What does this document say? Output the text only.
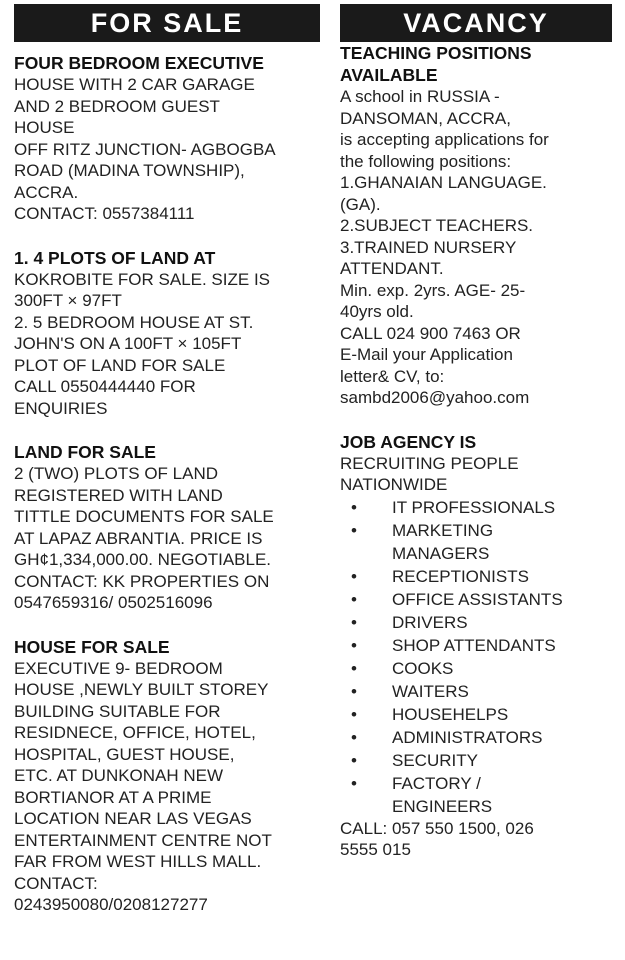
FOR SALE
FOUR BEDROOM EXECUTIVE
HOUSE WITH 2 CAR GARAGE
AND 2 BEDROOM GUEST
HOUSE
OFF RITZ JUNCTION- AGBOGBA
ROAD (MADINA TOWNSHIP),
ACCRA.
CONTACT: 0557384111
1. 4 PLOTS OF LAND AT
KOKROBITE FOR SALE. SIZE IS
300FT × 97FT
2. 5 BEDROOM HOUSE AT ST.
JOHN'S ON A 100FT × 105FT
PLOT OF LAND FOR SALE
CALL 0550444440 FOR
ENQUIRIES
LAND FOR SALE
2 (TWO) PLOTS OF LAND
REGISTERED WITH LAND
TITTLE DOCUMENTS FOR SALE
AT LAPAZ ABRANTIA. PRICE IS
GH¢1,334,000.00. NEGOTIABLE.
CONTACT: KK PROPERTIES ON
0547659316/ 0502516096
HOUSE FOR SALE
EXECUTIVE 9- BEDROOM
HOUSE ,NEWLY BUILT STOREY
BUILDING SUITABLE FOR
RESIDNECE, OFFICE, HOTEL,
HOSPITAL, GUEST HOUSE,
ETC. AT DUNKONAH NEW
BORTIANOR AT A PRIME
LOCATION NEAR LAS VEGAS
ENTERTAINMENT CENTRE NOT
FAR FROM WEST HILLS MALL.
CONTACT:
0243950080/0208127277
VACANCY
TEACHING POSITIONS
AVAILABLE
A school in RUSSIA -
DANSOMAN, ACCRA,
is accepting applications for
the following positions:
1.GHANAIAN LANGUAGE.
(GA).
2.SUBJECT TEACHERS.
3.TRAINED NURSERY
ATTENDANT.
Min. exp. 2yrs. AGE- 25-
40yrs old.
CALL 024 900 7463 OR
E-Mail your Application
letter& CV, to:
sambd2006@yahoo.com
JOB AGENCY IS
RECRUITING PEOPLE
NATIONWIDE
• IT PROFESSIONALS
• MARKETING
MANAGERS
• RECEPTIONISTS
• OFFICE ASSISTANTS
• DRIVERS
• SHOP ATTENDANTS
• COOKS
• WAITERS
• HOUSEHELPS
• ADMINISTRATORS
• SECURITY
• FACTORY /
ENGINEERS
CALL: 057 550 1500, 026
5555 015
